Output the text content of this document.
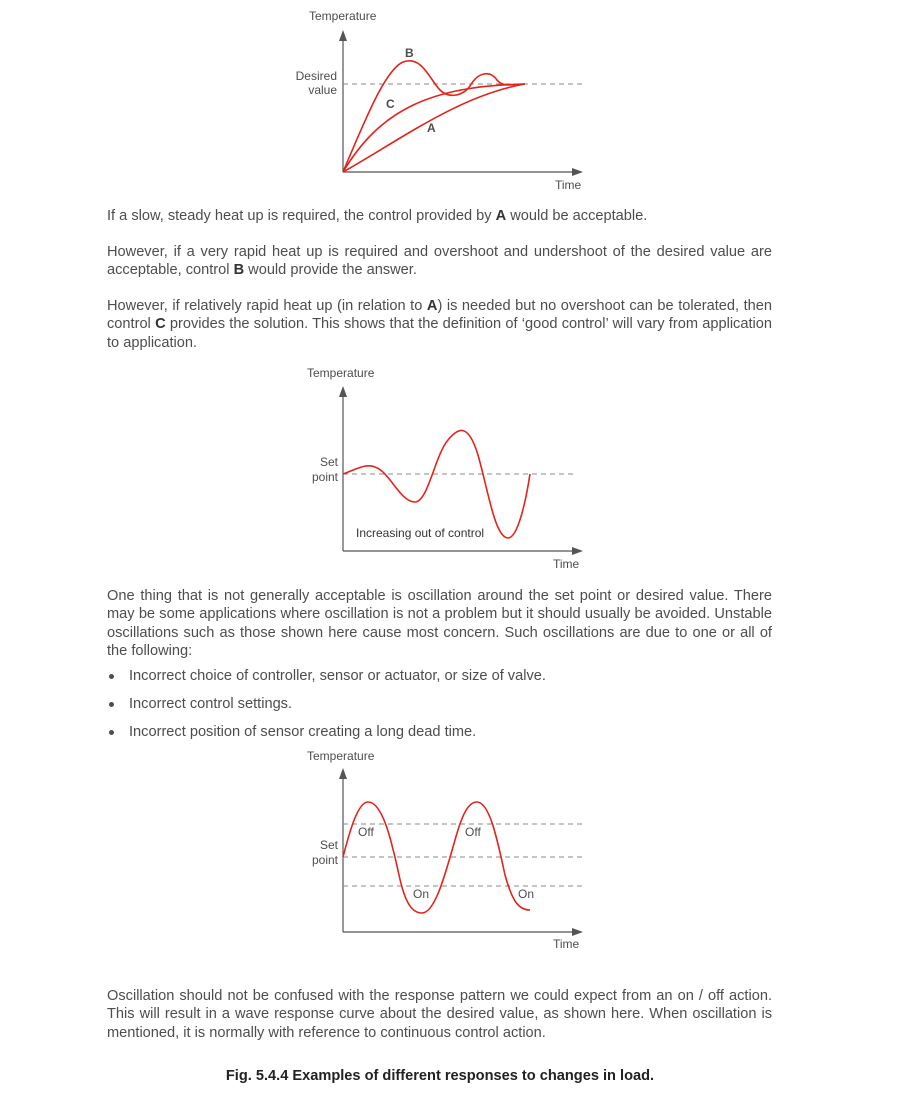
Temperature
Time
Desired
value
B
C
A

If a slow, steady heat up is required, the control provided by A would be acceptable.

However, if a very rapid heat up is required and overshoot and undershoot of the desired value are acceptable, control B would provide the answer.

However, if relatively rapid heat up (in relation to A) is needed but no overshoot can be tolerated, then control C provides the solution. This shows that the definition of ‘good control’ will vary from application to application.

Temperature
Time
Set
point
Increasing out of control

One thing that is not generally acceptable is oscillation around the set point or desired value. There may be some applications where oscillation is not a problem but it should usually be avoided. Unstable oscillations such as those shown here cause most concern. Such oscillations are due to one or all of the following:

Incorrect choice of controller, sensor or actuator, or size of valve.
Incorrect control settings.
Incorrect position of sensor creating a long dead time.
Temperature
Time
Set
point
Off	Off
On	On

Oscillation should not be confused with the response pattern we could expect from an on / off action. This will result in a wave response curve about the desired value, as shown here. When oscillation is mentioned, it is normally with reference to continuous control action.

Fig. 5.4.4 Examples of different responses to changes in load.
